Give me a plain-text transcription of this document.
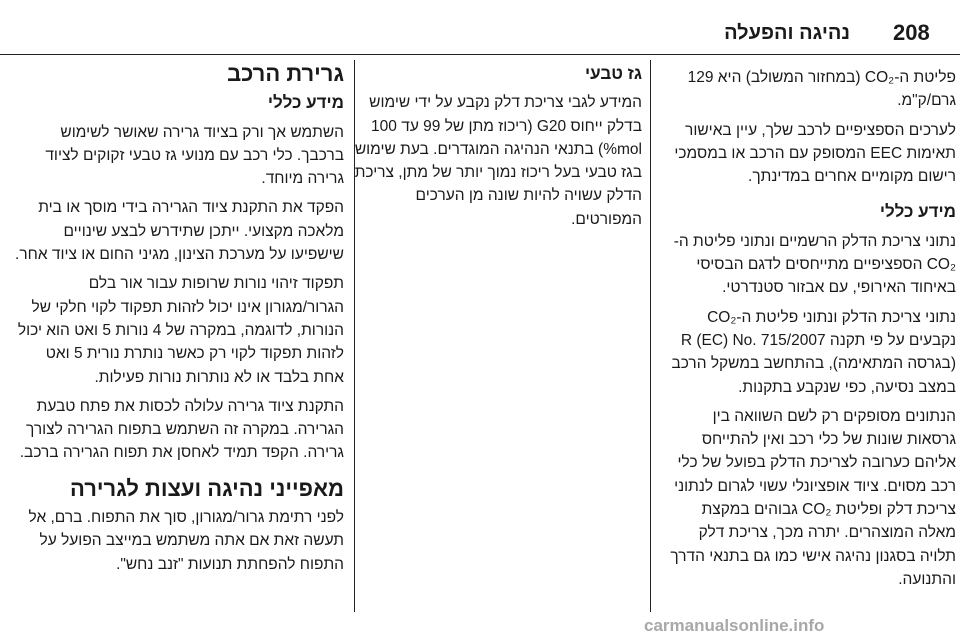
208
נהיגה והפעלה

פליטת ה-CO₂ (במחזור המשולב) היא 129 גרם/ק"מ.

לערכים הספציפיים לרכב שלך, עיין באישור תאימות EEC המסופק עם הרכב או במסמכי רישום מקומיים אחרים במדינתך.

מידע כללי

נתוני צריכת הדלק הרשמיים ונתוני פליטת ה-CO₂ הספציפיים מתייחסים לדגם הבסיסי באיחוד האירופי, עם אבזור סטנדרטי.

נתוני צריכת הדלק ונתוני פליטת ה-CO₂ נקבעים על פי תקנה R (EC) No. 715/2007 (בגרסה המתאימה), בהתחשב במשקל הרכב במצב נסיעה, כפי שנקבע בתקנות.

הנתונים מסופקים רק לשם השוואה בין גרסאות שונות של כלי רכב ואין להתייחס אליהם כערובה לצריכת הדלק בפועל של כלי רכב מסוים. ציוד אופציונלי עשוי לגרום לנתוני צריכת דלק ופליטת CO₂ גבוהים במקצת מאלה המוצהרים. יתרה מכך, צריכת דלק תלויה בסגנון נהיגה אישי כמו גם בתנאי הדרך והתנועה.

גז טבעי

המידע לגבי צריכת דלק נקבע על ידי שימוש בדלק ייחוס G20 (ריכוז מתן של 99 עד 100 mol%) בתנאי הנהיגה המוגדרים. בעת שימוש בגז טבעי בעל ריכוז נמוך יותר של מתן, צריכת הדלק עשויה להיות שונה מן הערכים המפורטים.

גרירת הרכב
מידע כללי

השתמש אך ורק בציוד גרירה שאושר לשימוש ברכבך. כלי רכב עם מנועי גז טבעי זקוקים לציוד גרירה מיוחד.

הפקד את התקנת ציוד הגרירה בידי מוסך או בית מלאכה מקצועי. ייתכן שתידרש לבצע שינויים שישפיעו על מערכת הצינון, מגיני החום או ציוד אחר.

תפקוד זיהוי נורות שרופות עבור אור בלם הגרור/מגורון אינו יכול לזהות תפקוד לקוי חלקי של הנורות, לדוגמה, במקרה של 4 נורות 5 ואט הוא יכול לזהות תפקוד לקוי רק כאשר נותרת נורית 5 ואט אחת בלבד או לא נותרות נורות פעילות.

התקנת ציוד גרירה עלולה לכסות את פתח טבעת הגרירה. במקרה זה השתמש בתפוח הגרירה לצורך גרירה. הקפד תמיד לאחסן את תפוח הגרירה ברכב.

מאפייני נהיגה ועצות לגרירה

לפני רתימת גרור/מגורון, סוך את התפוח. ברם, אל תעשה זאת אם אתה משתמש במייצב הפועל על התפוח להפחתת תנועות "זנב נחש".

carmanualsonline.info
